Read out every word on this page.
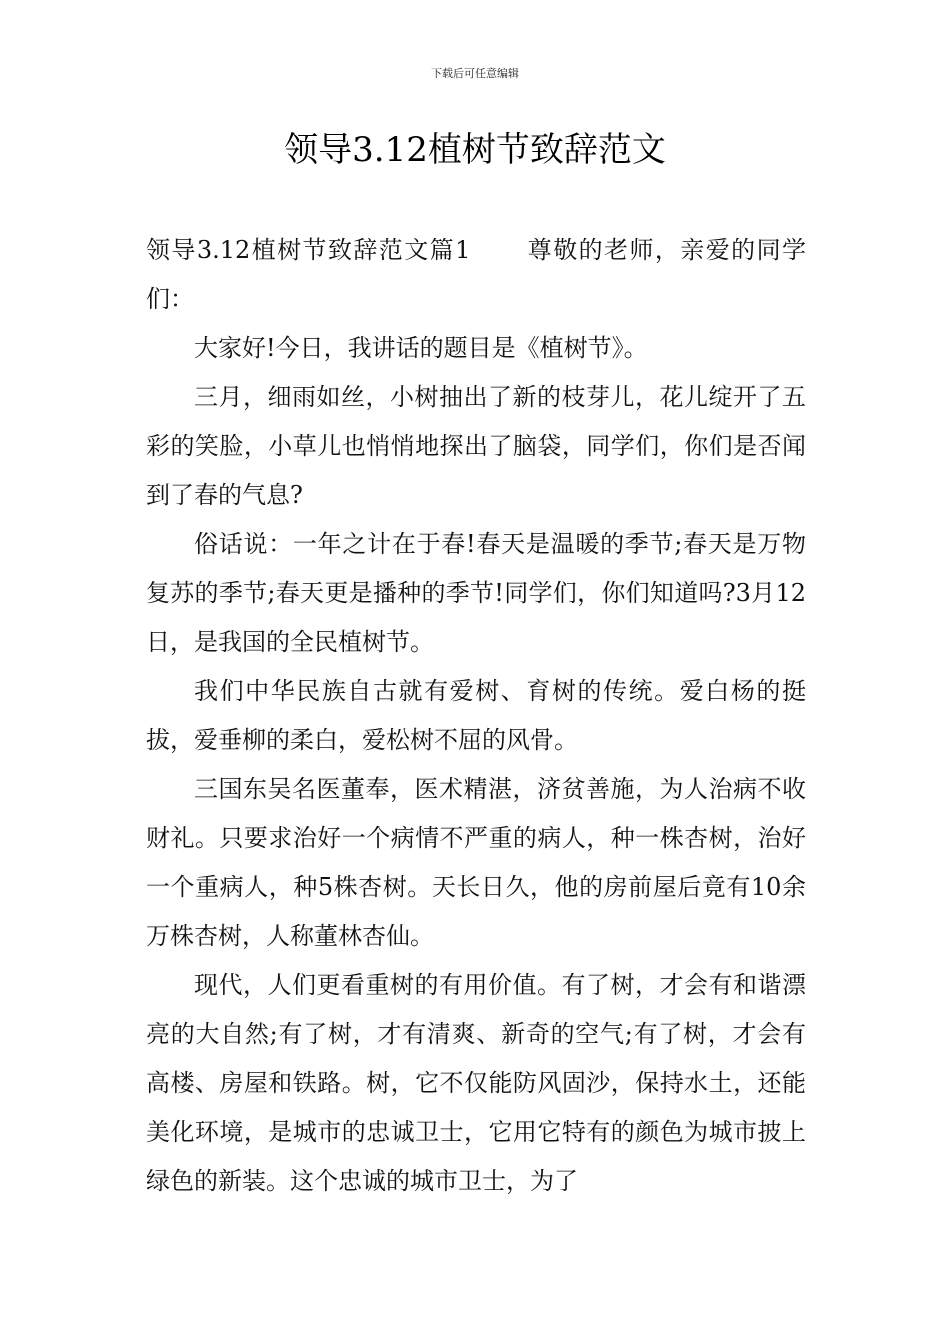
下载后可任意编辑
领导3.12植树节致辞范文

领导3.12植树节致辞范文篇1 尊敬的老师，亲爱的同学们：

大家好!今日，我讲话的题目是《植树节》。

三月，细雨如丝，小树抽出了新的枝芽儿，花儿绽开了五彩的笑脸，小草儿也悄悄地探出了脑袋，同学们，你们是否闻到了春的气息?

俗话说：一年之计在于春!春天是温暖的季节;春天是万物复苏的季节;春天更是播种的季节!同学们，你们知道吗?3月12日，是我国的全民植树节。

我们中华民族自古就有爱树、育树的传统。爱白杨的挺拔，爱垂柳的柔白，爱松树不屈的风骨。

三国东吴名医董奉，医术精湛，济贫善施，为人治病不收财礼。只要求治好一个病情不严重的病人，种一株杏树，治好一个重病人，种5株杏树。天长日久，他的房前屋后竟有10余万株杏树，人称董林杏仙。

现代，人们更看重树的有用价值。有了树，才会有和谐漂亮的大自然;有了树，才有清爽、新奇的空气;有了树，才会有高楼、房屋和铁路。树，它不仅能防风固沙，保持水土，还能美化环境，是城市的忠诚卫士，它用它特有的颜色为城市披上绿色的新装。这个忠诚的城市卫士，为了
